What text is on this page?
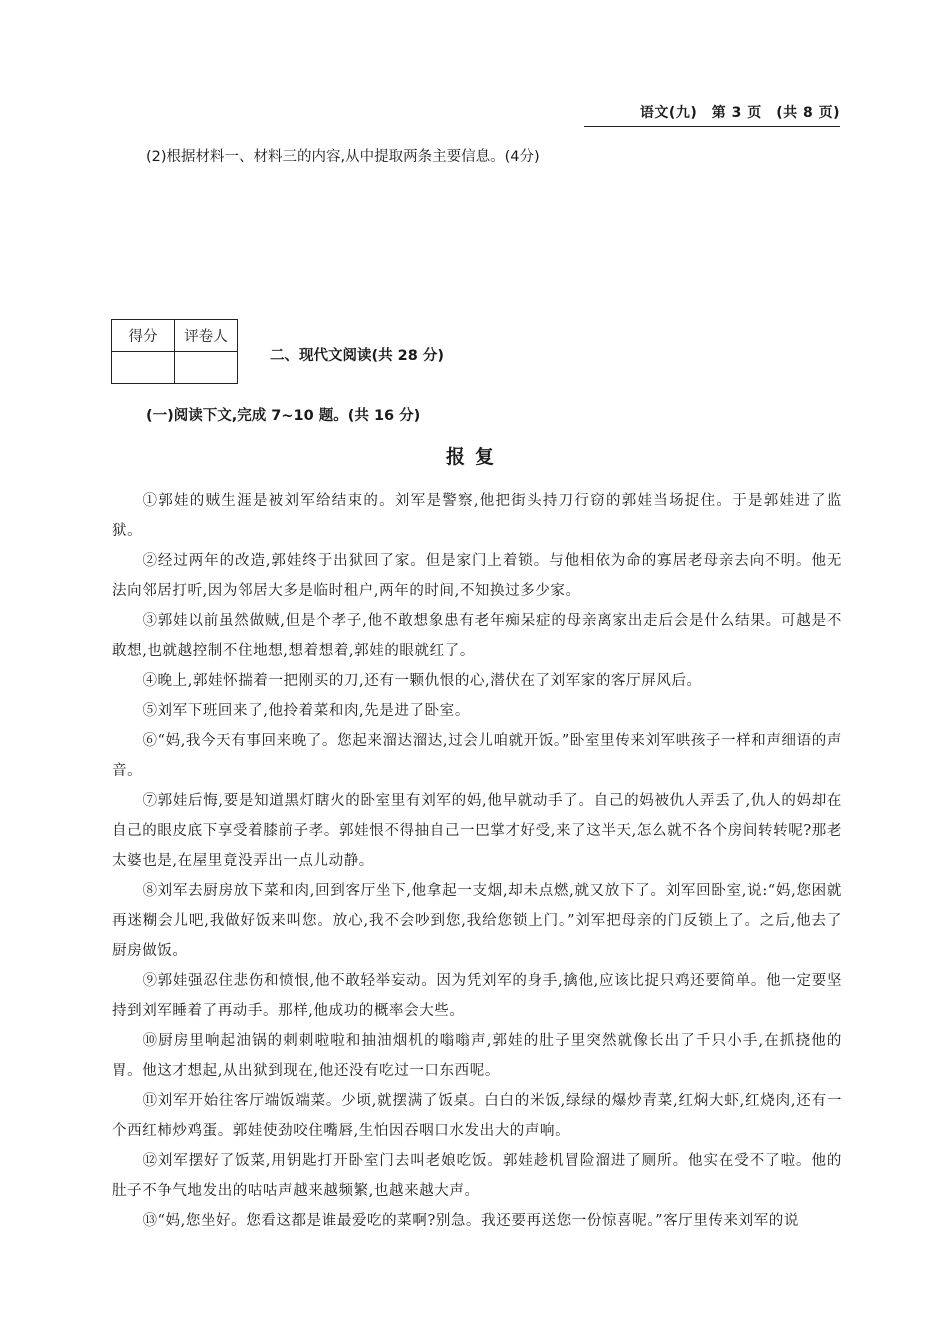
语文(九)　第 3 页　(共 8 页)
(2)根据材料一、材料三的内容,从中提取两条主要信息。(4分)
得分	评卷人

二、现代文阅读(共 28 分)
(一)阅读下文,完成 7~10 题。(共 16 分)
报复

①郭娃的贼生涯是被刘军给结束的。刘军是警察,他把街头持刀行窃的郭娃当场捉住。于是郭娃进了监狱。

②经过两年的改造,郭娃终于出狱回了家。但是家门上着锁。与他相依为命的寡居老母亲去向不明。他无法向邻居打听,因为邻居大多是临时租户,两年的时间,不知换过多少家。

③郭娃以前虽然做贼,但是个孝子,他不敢想象患有老年痴呆症的母亲离家出走后会是什么结果。可越是不敢想,也就越控制不住地想,想着想着,郭娃的眼就红了。

④晚上,郭娃怀揣着一把刚买的刀,还有一颗仇恨的心,潜伏在了刘军家的客厅屏风后。

⑤刘军下班回来了,他拎着菜和肉,先是进了卧室。

⑥“妈,我今天有事回来晚了。您起来溜达溜达,过会儿咱就开饭。”卧室里传来刘军哄孩子一样和声细语的声音。

⑦郭娃后悔,要是知道黑灯瞎火的卧室里有刘军的妈,他早就动手了。自己的妈被仇人弄丢了,仇人的妈却在自己的眼皮底下享受着膝前子孝。郭娃恨不得抽自己一巴掌才好受,来了这半天,怎么就不各个房间转转呢?那老太婆也是,在屋里竟没弄出一点儿动静。

⑧刘军去厨房放下菜和肉,回到客厅坐下,他拿起一支烟,却未点燃,就又放下了。刘军回卧室,说:“妈,您困就再迷糊会儿吧,我做好饭来叫您。放心,我不会吵到您,我给您锁上门。”刘军把母亲的门反锁上了。之后,他去了厨房做饭。

⑨郭娃强忍住悲伤和愤恨,他不敢轻举妄动。因为凭刘军的身手,擒他,应该比捉只鸡还要简单。他一定要坚持到刘军睡着了再动手。那样,他成功的概率会大些。

⑩厨房里响起油锅的刺刺啦啦和抽油烟机的嗡嗡声,郭娃的肚子里突然就像长出了千只小手,在抓挠他的胃。他这才想起,从出狱到现在,他还没有吃过一口东西呢。

⑪刘军开始往客厅端饭端菜。少顷,就摆满了饭桌。白白的米饭,绿绿的爆炒青菜,红焖大虾,红烧肉,还有一个西红柿炒鸡蛋。郭娃使劲咬住嘴唇,生怕因吞咽口水发出大的声响。

⑫刘军摆好了饭菜,用钥匙打开卧室门去叫老娘吃饭。郭娃趁机冒险溜进了厕所。他实在受不了啦。他的肚子不争气地发出的咕咕声越来越频繁,也越来越大声。

⑬“妈,您坐好。您看这都是谁最爱吃的菜啊?别急。我还要再送您一份惊喜呢。”客厅里传来刘军的说
